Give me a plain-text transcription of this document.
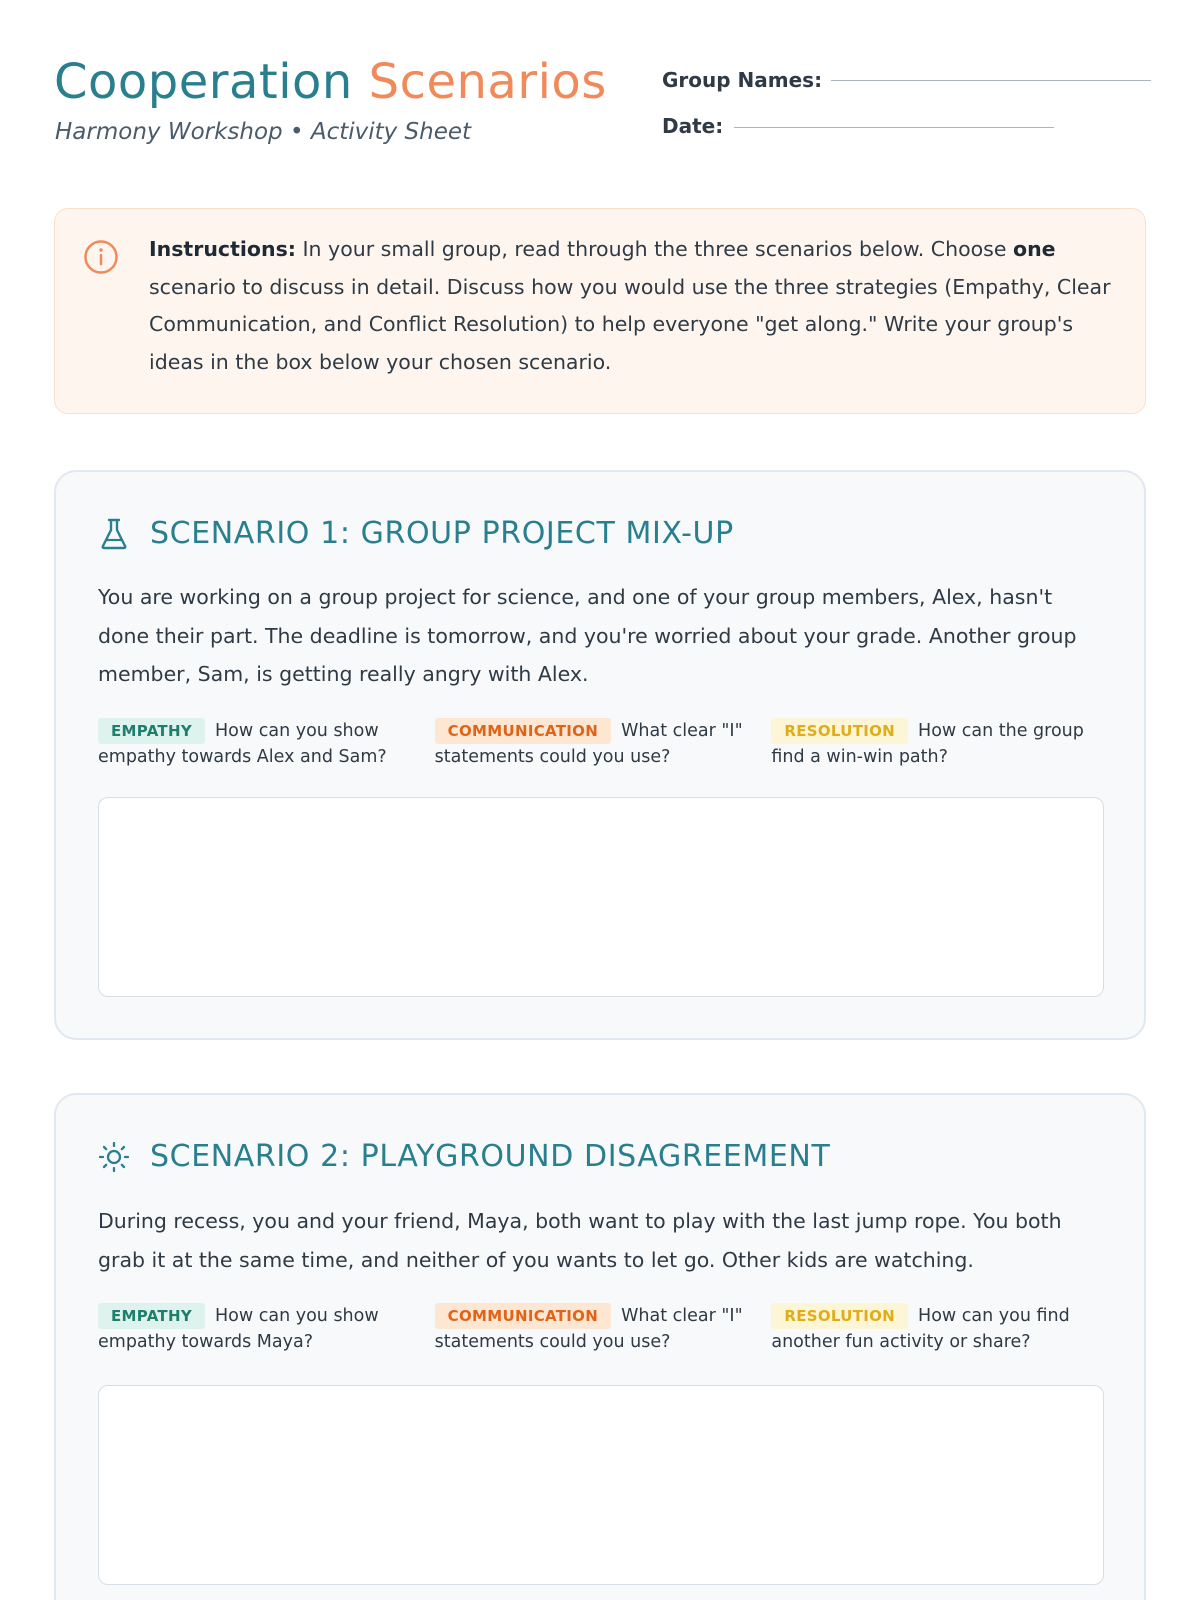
Cooperation Scenarios
Harmony Workshop • Activity Sheet
Group Names:
Date:
Instructions: In your small group, read through the three scenarios below. Choose one scenario to discuss in detail. Discuss how you would use the three strategies (Empathy, Clear Communication, and Conflict Resolution) to help everyone "get along." Write your group's ideas in the box below your chosen scenario.
SCENARIO 1: GROUP PROJECT MIX-UP
You are working on a group project for science, and one of your group members, Alex, hasn't done their part. The deadline is tomorrow, and you're worried about your grade. Another group member, Sam, is getting really angry with Alex.
EMPATHY How can you show empathy towards Alex and Sam?
COMMUNICATION What clear "I" statements could you use?
RESOLUTION How can the group find a win-win path?
SCENARIO 2: PLAYGROUND DISAGREEMENT
During recess, you and your friend, Maya, both want to play with the last jump rope. You both grab it at the same time, and neither of you wants to let go. Other kids are watching.
EMPATHY How can you show empathy towards Maya?
COMMUNICATION What clear "I" statements could you use?
RESOLUTION How can you find another fun activity or share?
